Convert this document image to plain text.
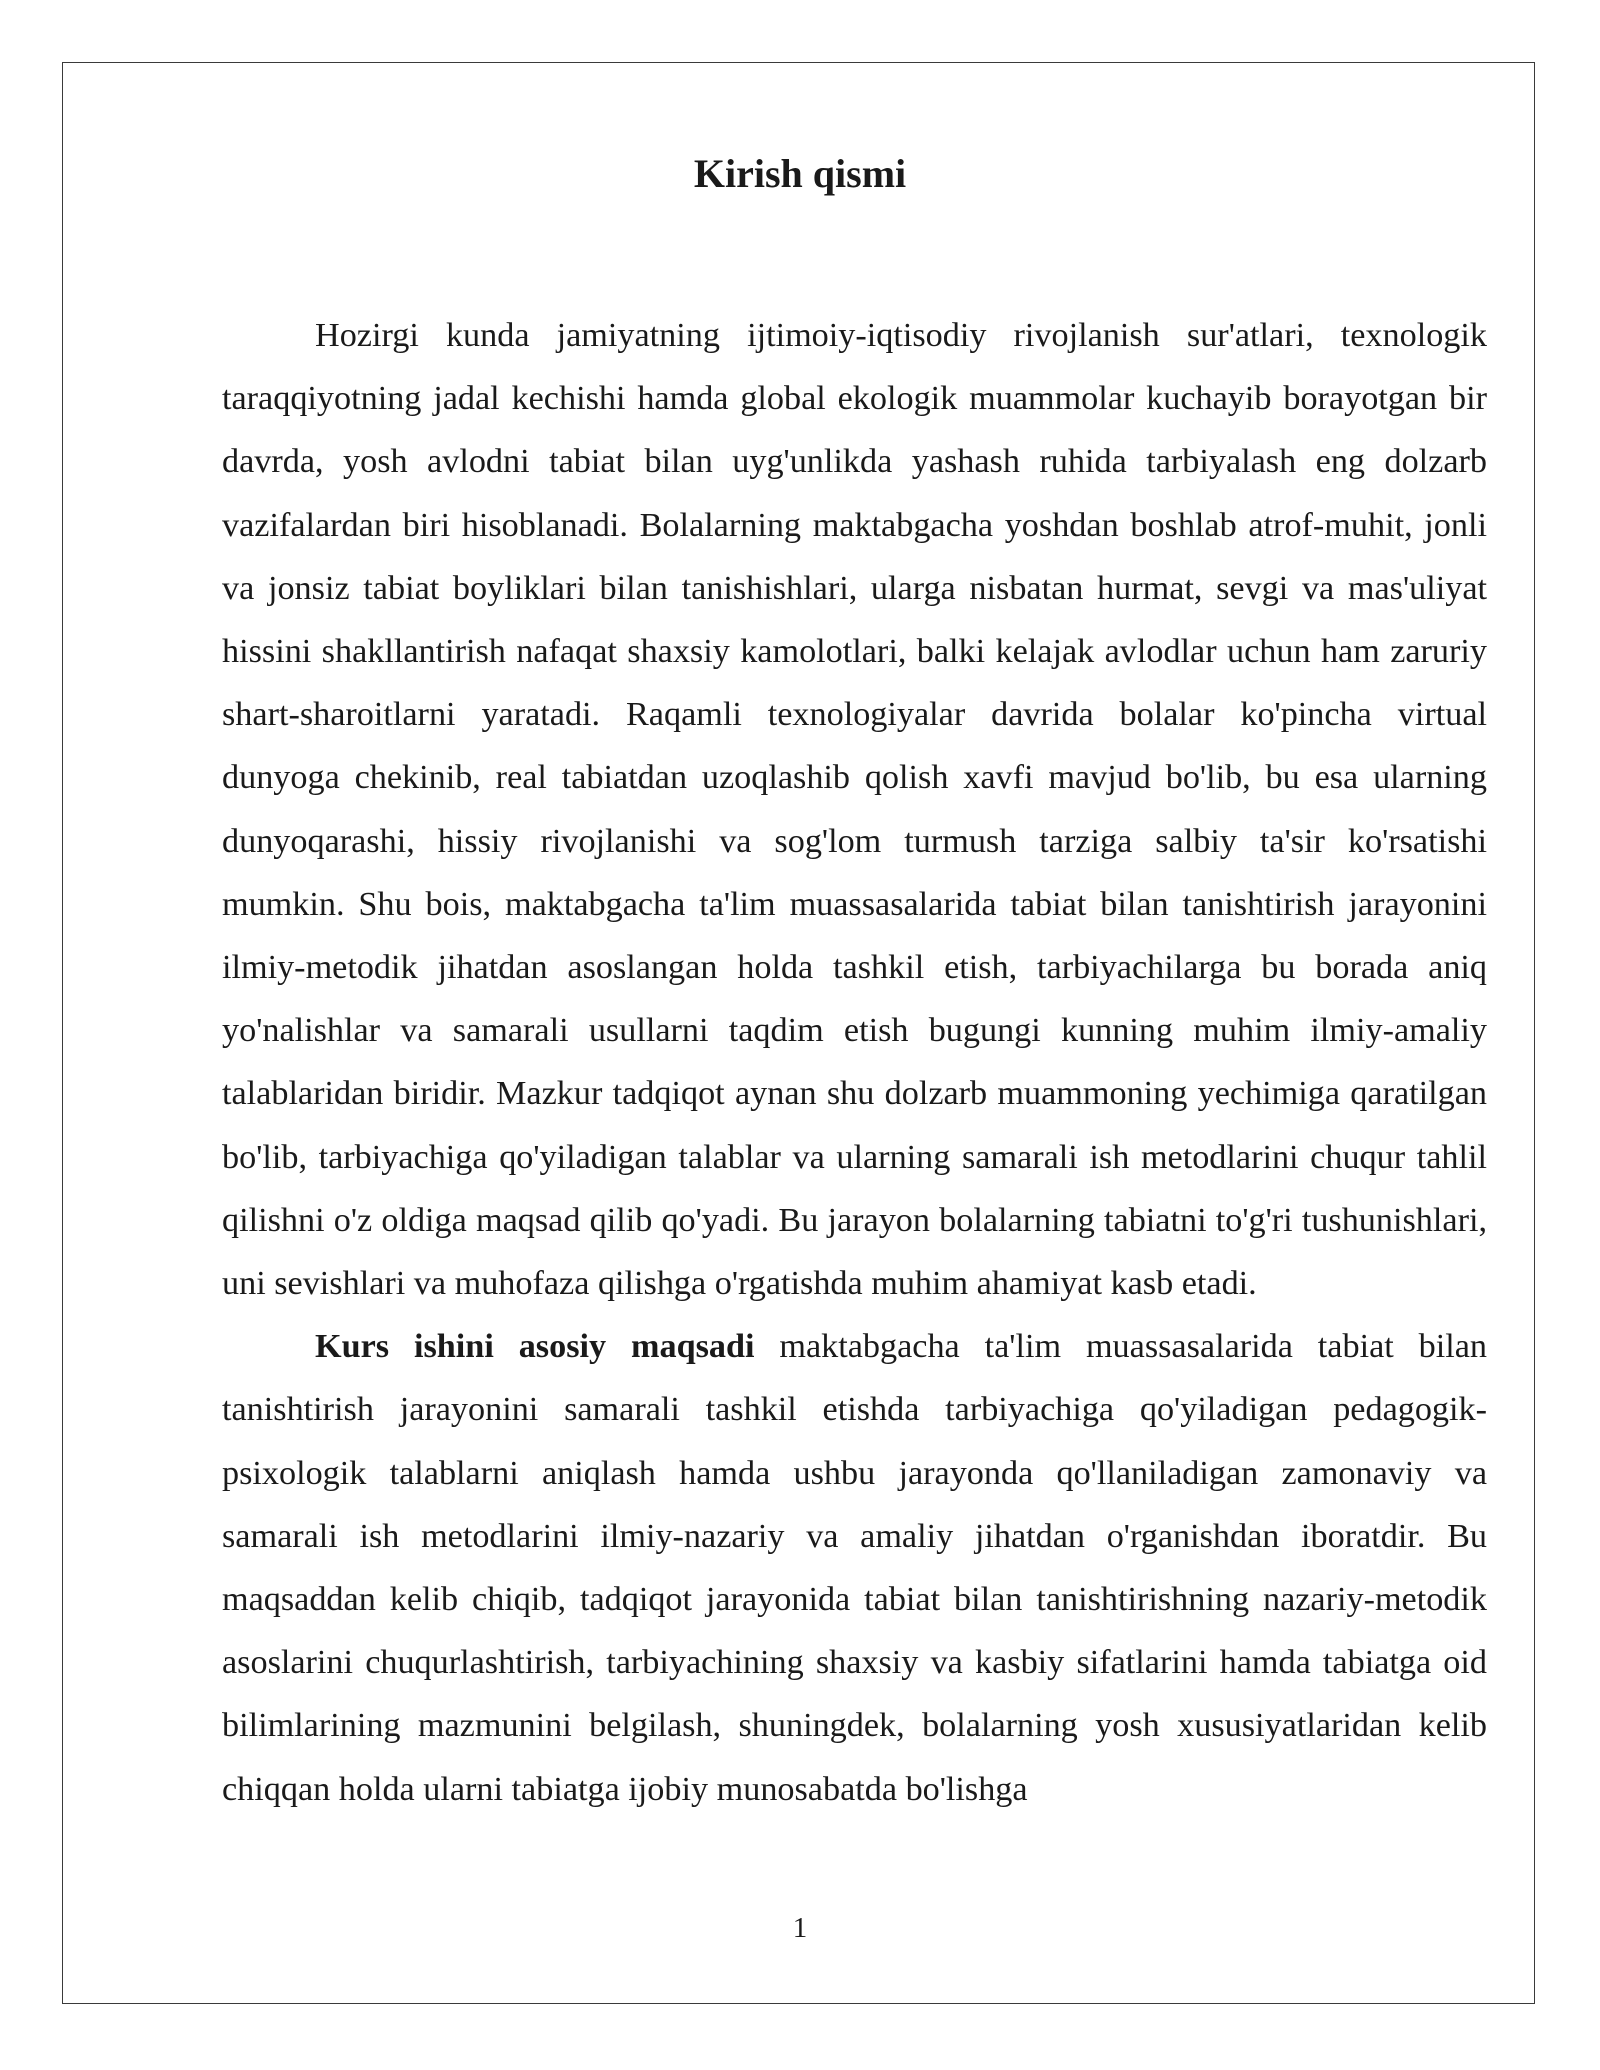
Kirish qismi

Hozirgi kunda jamiyatning ijtimoiy-iqtisodiy rivojlanish sur'atlari, texnologik taraqqiyotning jadal kechishi hamda global ekologik muammolar kuchayib borayotgan bir davrda, yosh avlodni tabiat bilan uyg'unlikda yashash ruhida tarbiyalash eng dolzarb vazifalardan biri hisoblanadi. Bolalarning maktabgacha yoshdan boshlab atrof-muhit, jonli va jonsiz tabiat boyliklari bilan tanishishlari, ularga nisbatan hurmat, sevgi va mas'uliyat hissini shakllantirish nafaqat shaxsiy kamolotlari, balki kelajak avlodlar uchun ham zaruriy shart-sharoitlarni yaratadi. Raqamli texnologiyalar davrida bolalar ko'pincha virtual dunyoga chekinib, real tabiatdan uzoqlashib qolish xavfi mavjud bo'lib, bu esa ularning dunyoqarashi, hissiy rivojlanishi va sog'lom turmush tarziga salbiy ta'sir ko'rsatishi mumkin. Shu bois, maktabgacha ta'lim muassasalarida tabiat bilan tanishtirish jarayonini ilmiy-metodik jihatdan asoslangan holda tashkil etish, tarbiyachilarga bu borada aniq yo'nalishlar va samarali usullarni taqdim etish bugungi kunning muhim ilmiy-amaliy talablaridan biridir. Mazkur tadqiqot aynan shu dolzarb muammoning yechimiga qaratilgan bo'lib, tarbiyachiga qo'yiladigan talablar va ularning samarali ish metodlarini chuqur tahlil qilishni o'z oldiga maqsad qilib qo'yadi. Bu jarayon bolalarning tabiatni to'g'ri tushunishlari, uni sevishlari va muhofaza qilishga o'rgatishda muhim ahamiyat kasb etadi.

Kurs ishini asosiy maqsadi maktabgacha ta'lim muassasalarida tabiat bilan tanishtirish jarayonini samarali tashkil etishda tarbiyachiga qo'yiladigan pedagogik-psixologik talablarni aniqlash hamda ushbu jarayonda qo'llaniladigan zamonaviy va samarali ish metodlarini ilmiy-nazariy va amaliy jihatdan o'rganishdan iboratdir. Bu maqsaddan kelib chiqib, tadqiqot jarayonida tabiat bilan tanishtirishning nazariy-metodik asoslarini chuqurlashtirish, tarbiyachining shaxsiy va kasbiy sifatlarini hamda tabiatga oid bilimlarining mazmunini belgilash, shuningdek, bolalarning yosh xususiyatlaridan kelib chiqqan holda ularni tabiatga ijobiy munosabatda bo'lishga

1
